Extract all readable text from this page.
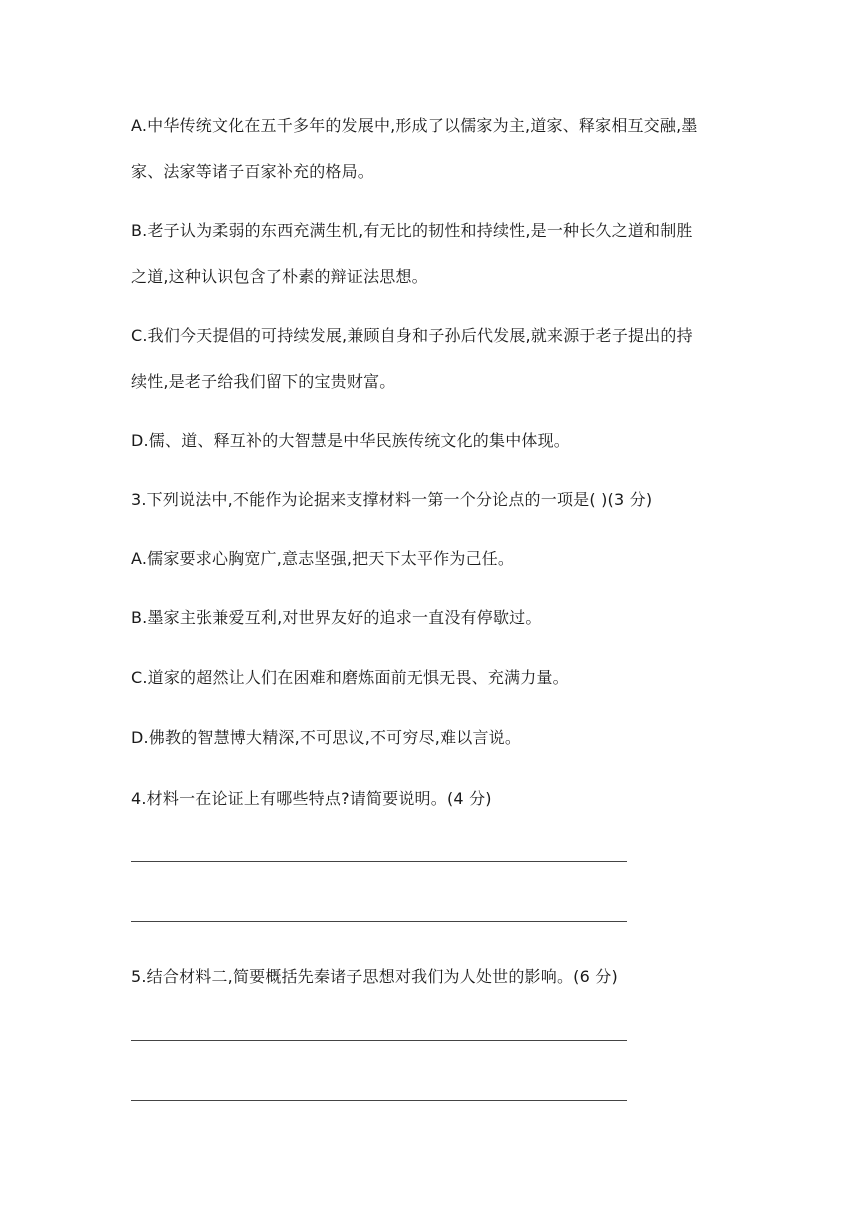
A.中华传统文化在五千多年的发展中,形成了以儒家为主,道家、释家相互交融,墨
家、法家等诸子百家补充的格局。
B.老子认为柔弱的东西充满生机,有无比的韧性和持续性,是一种长久之道和制胜
之道,这种认识包含了朴素的辩证法思想。
C.我们今天提倡的可持续发展,兼顾自身和子孙后代发展,就来源于老子提出的持
续性,是老子给我们留下的宝贵财富。
D.儒、道、释互补的大智慧是中华民族传统文化的集中体现。
3.下列说法中,不能作为论据来支撑材料一第一个分论点的一项是( )(3 分)
A.儒家要求心胸宽广,意志坚强,把天下太平作为己任。
B.墨家主张兼爱互利,对世界友好的追求一直没有停歇过。
C.道家的超然让人们在困难和磨炼面前无惧无畏、充满力量。
D.佛教的智慧博大精深,不可思议,不可穷尽,难以言说。
4.材料一在论证上有哪些特点?请简要说明。(4 分)
5.结合材料二,简要概括先秦诸子思想对我们为人处世的影响。(6 分)
